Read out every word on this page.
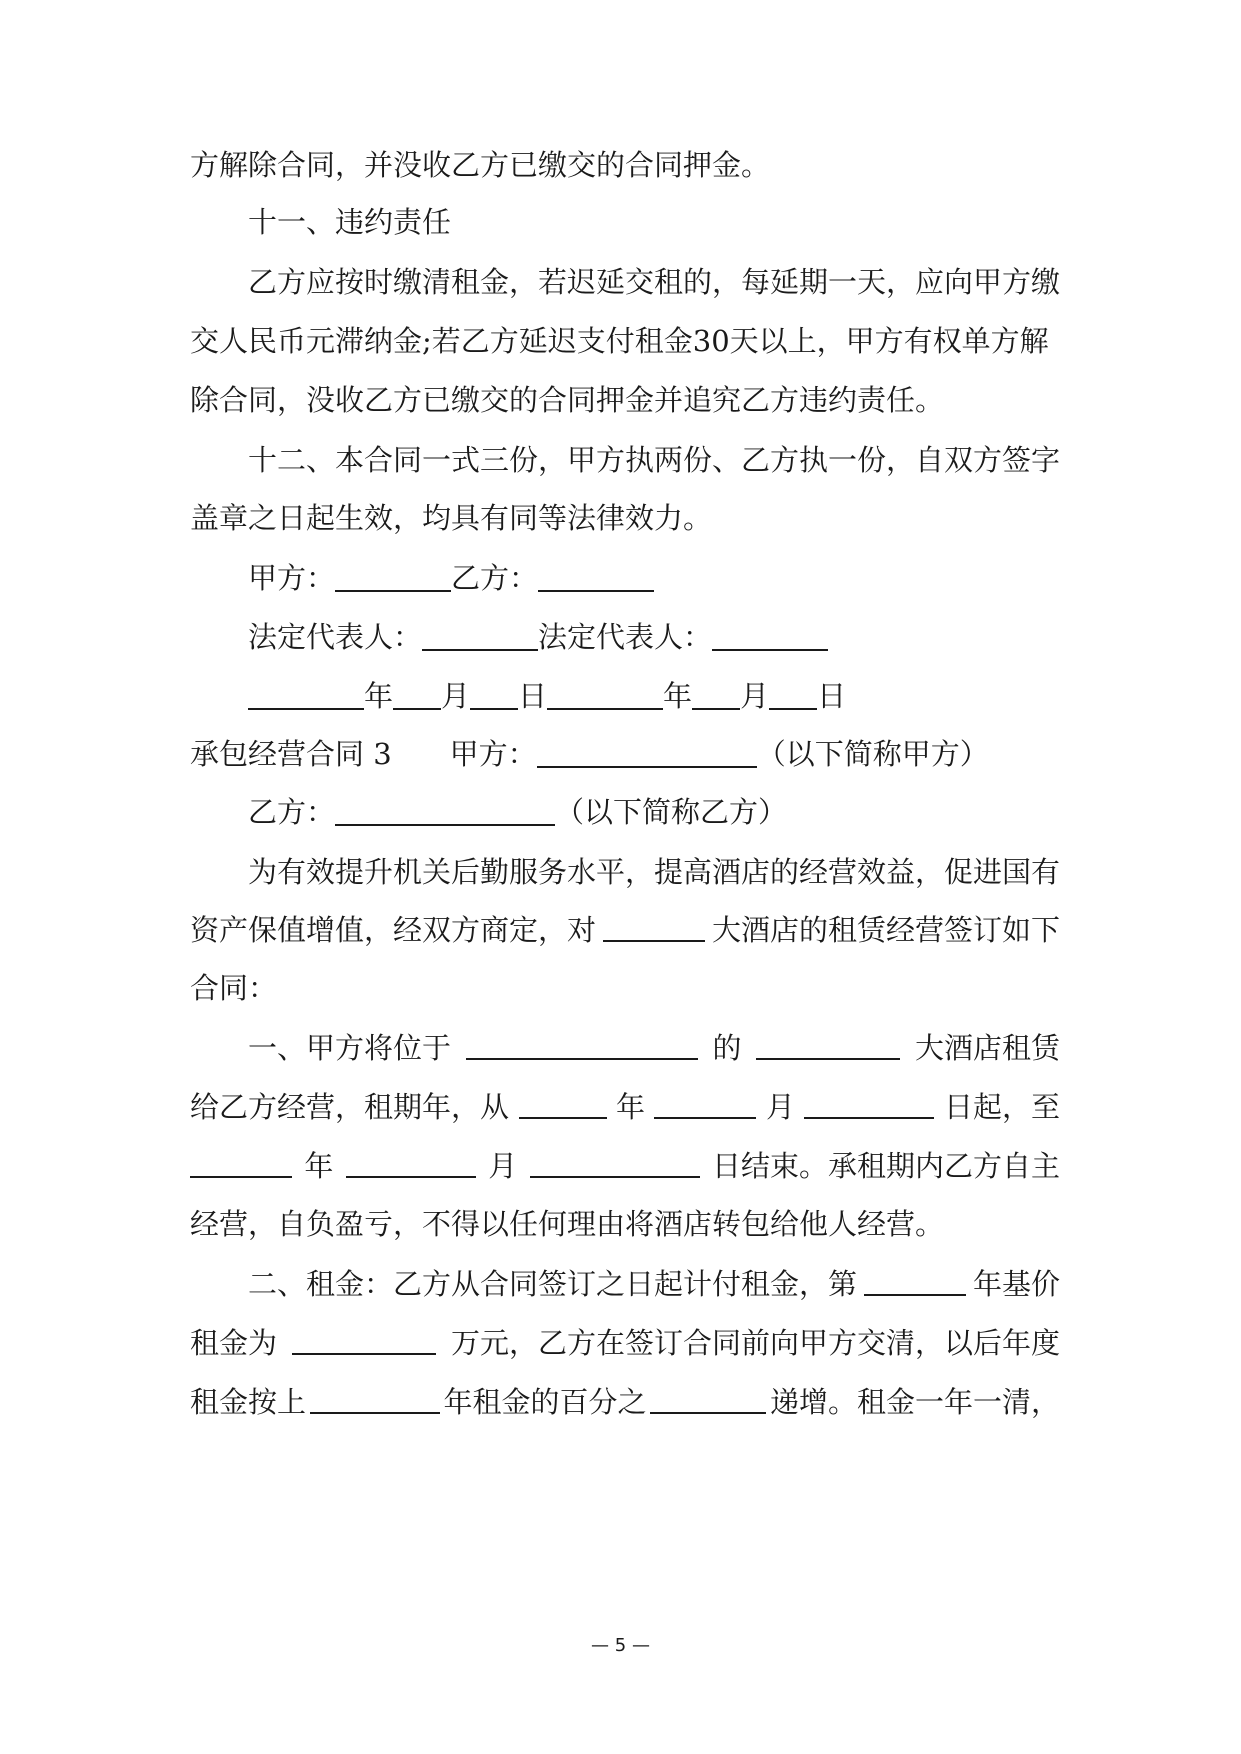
方解除合同，并没收乙方已缴交的合同押金。
十一、违约责任
乙方应按时缴清租金，若迟延交租的，每延期一天，应向甲方缴
交人民币元滞纳金;若乙方延迟支付租金30天以上，甲方有权单方解
除合同，没收乙方已缴交的合同押金并追究乙方违约责任。
十二、本合同一式三份，甲方执两份、乙方执一份，自双方签字
盖章之日起生效，均具有同等法律效力。
甲方：	乙方：
法定代表人：	法定代表人：
年 月 日	年 月 日
承包经营合同 3 甲方：	（以下简称甲方）
乙方：	（以下简称乙方）
为有效提升机关后勤服务水平，提高酒店的经营效益，促进国有
资产保值增值，经双方商定，对	大酒店的租赁经营签订如下
合同：
一、甲方将位于	的	大酒店租赁
给乙方经营，租期年，从	年	月	日起，至
年	月	日结束。承租期内乙方自主
经营，自负盈亏，不得以任何理由将酒店转包给他人经营。
二、租金：乙方从合同签订之日起计付租金，第	年基价
租金为	万元，乙方在签订合同前向甲方交清，以后年度
租金按上	年租金的百分之	递增。租金一年一清，
— 5 —
